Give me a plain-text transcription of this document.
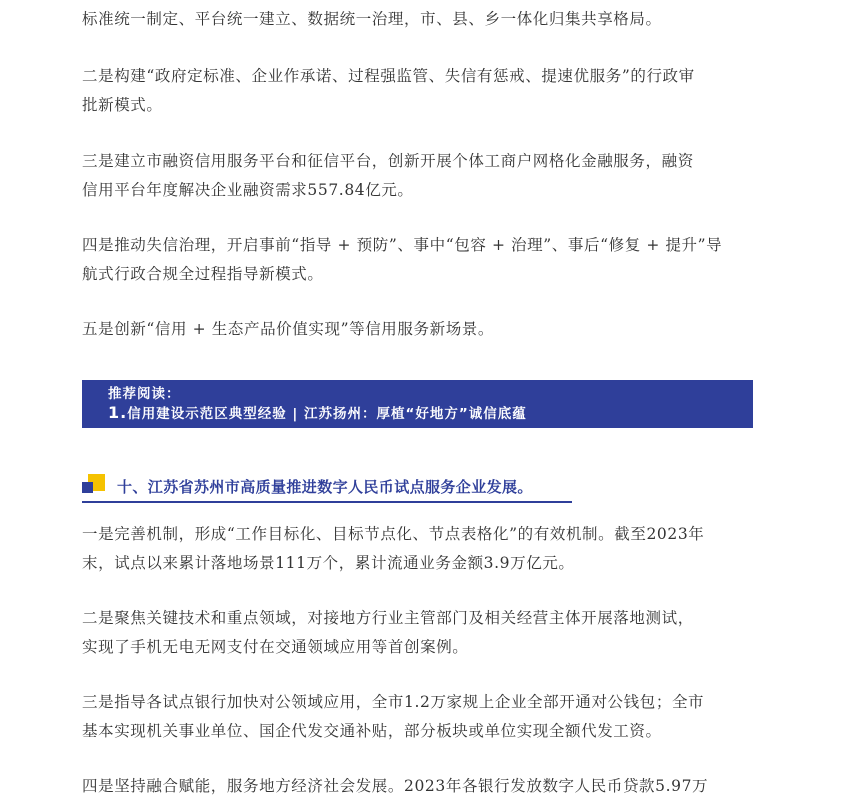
标准统一制定、平台统一建立、数据统一治理，市、县、乡一体化归集共享格局。

二是构建“政府定标准、企业作承诺、过程强监管、失信有惩戒、提速优服务”的行政审
批新模式。

三是建立市融资信用服务平台和征信平台，创新开展个体工商户网格化金融服务，融资
信用平台年度解决企业融资需求557.84亿元。

四是推动失信治理，开启事前“指导 + 预防”、事中“包容 + 治理”、事后“修复 + 提升”导
航式行政合规全过程指导新模式。

五是创新“信用 + 生态产品价值实现”等信用服务新场景。

推荐阅读：
1.信用建设示范区典型经验 | 江苏扬州：厚植“好地方”诚信底蕴
十、江苏省苏州市高质量推进数字人民币试点服务企业发展。

一是完善机制，形成“工作目标化、目标节点化、节点表格化”的有效机制。截至2023年
末，试点以来累计落地场景111万个，累计流通业务金额3.9万亿元。

二是聚焦关键技术和重点领域，对接地方行业主管部门及相关经营主体开展落地测试，
实现了手机无电无网支付在交通领域应用等首创案例。

三是指导各试点银行加快对公领域应用，全市1.2万家规上企业全部开通对公钱包；全市
基本实现机关事业单位、国企代发交通补贴，部分板块或单位实现全额代发工资。

四是坚持融合赋能，服务地方经济社会发展。2023年各银行发放数字人民币贷款5.97万
